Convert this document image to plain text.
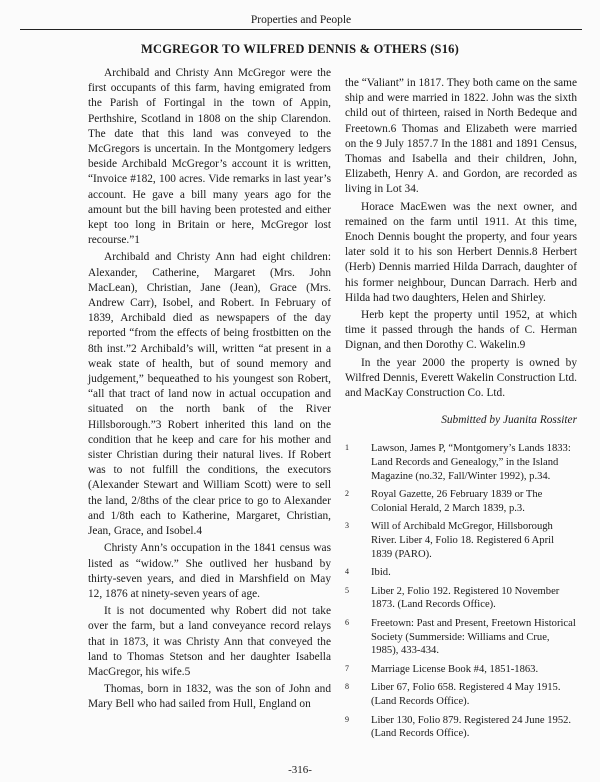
Properties and People
MCGREGOR TO WILFRED DENNIS & OTHERS (S16)

Archibald and Christy Ann McGregor were the first occupants of this farm, having emigrated from the Parish of Fortingal in the town of Appin, Perthshire, Scotland in 1808 on the ship Clarendon. The date that this land was conveyed to the McGregors is uncertain. In the Montgomery ledgers beside Archibald McGregor’s account it is written, “Invoice #182, 100 acres. Vide remarks in last year’s account. He gave a bill many years ago for the amount but the bill having been protested and either kept too long in Britain or here, McGregor lost recourse.”1

Archibald and Christy Ann had eight children: Alexander, Catherine, Margaret (Mrs. John MacLean), Christian, Jane (Jean), Grace (Mrs. Andrew Carr), Isobel, and Robert. In February of 1839, Archibald died as newspapers of the day reported “from the effects of being frostbitten on the 8th inst.”2 Archibald’s will, written “at present in a weak state of health, but of sound memory and judgement,” bequeathed to his youngest son Robert, “all that tract of land now in actual occupation and situated on the north bank of the River Hillsborough.”3 Robert inherited this land on the condition that he keep and care for his mother and sister Christian during their natural lives. If Robert was to not fulfill the conditions, the executors (Alexander Stewart and William Scott) were to sell the land, 2/8ths of the clear price to go to Alexander and 1/8th each to Katherine, Margaret, Christian, Jean, Grace, and Isobel.4

Christy Ann’s occupation in the 1841 census was listed as “widow.” She outlived her husband by thirty-seven years, and died in Marshfield on May 12, 1876 at ninety-seven years of age.

It is not documented why Robert did not take over the farm, but a land conveyance record relays that in 1873, it was Christy Ann that conveyed the land to Thomas Stetson and her daughter Isabella MacGregor, his wife.5

Thomas, born in 1832, was the son of John and Mary Bell who had sailed from Hull, England on

the “Valiant” in 1817. They both came on the same ship and were married in 1822. John was the sixth child out of thirteen, raised in North Bedeque and Freetown.6 Thomas and Elizabeth were married on the 9 July 1857.7 In the 1881 and 1891 Census, Thomas and Isabella and their children, John, Elizabeth, Henry A. and Gordon, are recorded as living in Lot 34.

Horace MacEwen was the next owner, and remained on the farm until 1911. At this time, Enoch Dennis bought the property, and four years later sold it to his son Herbert Dennis.8 Herbert (Herb) Dennis married Hilda Darrach, daughter of his former neighbour, Duncan Darrach. Herb and Hilda had two daughters, Helen and Shirley.

Herb kept the property until 1952, at which time it passed through the hands of C. Herman Dignan, and then Dorothy C. Wakelin.9

In the year 2000 the property is owned by Wilfred Dennis, Everett Wakelin Construction Ltd. and MacKay Construction Co. Ltd.

Submitted by Juanita Rossiter
1	Lawson, James P, “Montgomery’s Lands 1833: Land Records and Genealogy,” in the Island Magazine (no.32, Fall/Winter 1992), p.34.
2	Royal Gazette, 26 February 1839 or The Colonial Herald, 2 March 1839, p.3.
3	Will of Archibald McGregor, Hillsborough River. Liber 4, Folio 18. Registered 6 April 1839 (PARO).
4	Ibid.
5	Liber 2, Folio 192. Registered 10 November 1873. (Land Records Office).
6	Freetown: Past and Present, Freetown Historical Society (Summerside: Williams and Crue, 1985), 433-434.
7	Marriage License Book #4, 1851-1863.
8	Liber 67, Folio 658. Registered 4 May 1915. (Land Records Office).
9	Liber 130, Folio 879. Registered 24 June 1952. (Land Records Office).
-316-
